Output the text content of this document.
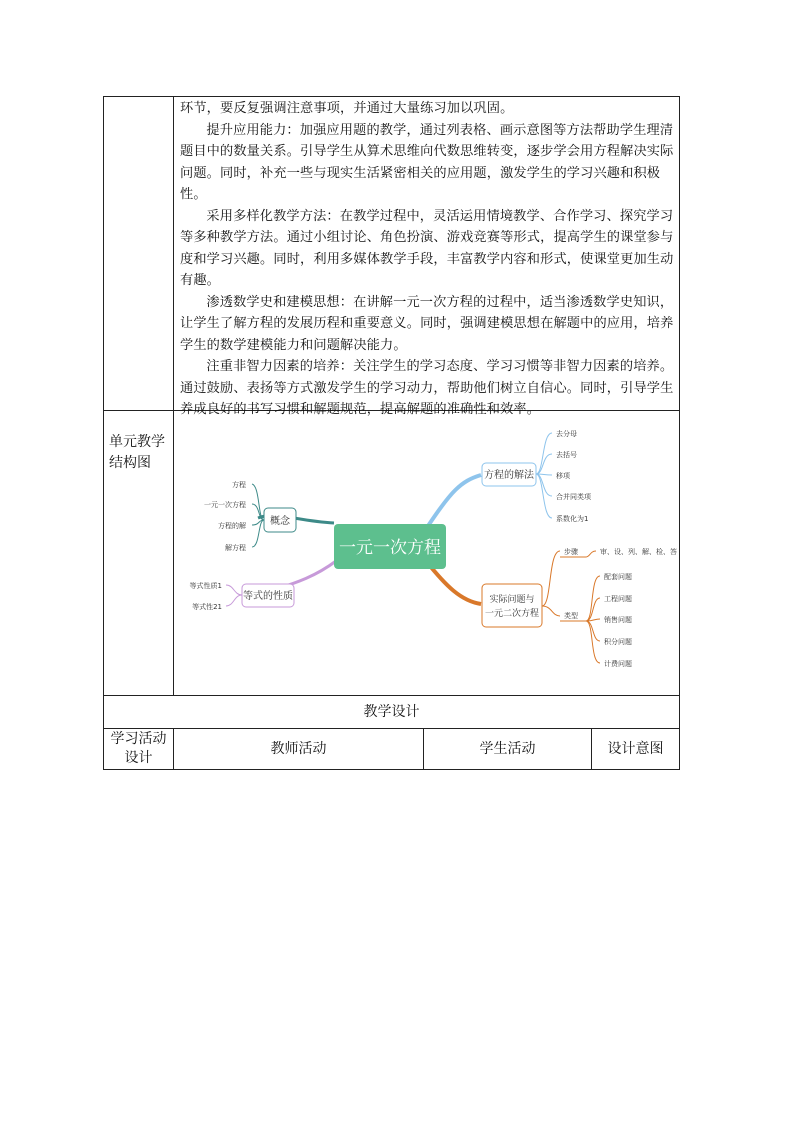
环节，要反复强调注意事项，并通过大量练习加以巩固。

提升应用能力：加强应用题的教学，通过列表格、画示意图等方法帮助学生理清题目中的数量关系。引导学生从算术思维向代数思维转变，逐步学会用方程解决实际问题。同时，补充一些与现实生活紧密相关的应用题，激发学生的学习兴趣和积极性。

采用多样化教学方法：在教学过程中，灵活运用情境教学、合作学习、探究学习等多种教学方法。通过小组讨论、角色扮演、游戏竞赛等形式，提高学生的课堂参与度和学习兴趣。同时，利用多媒体教学手段，丰富教学内容和形式，使课堂更加生动有趣。

渗透数学史和建模思想：在讲解一元一次方程的过程中，适当渗透数学史知识，让学生了解方程的发展历程和重要意义。同时，强调建模思想在解题中的应用，培养学生的数学建模能力和问题解决能力。

注重非智力因素的培养：关注学生的学习态度、学习习惯等非智力因素的培养。通过鼓励、表扬等方式激发学生的学习动力，帮助他们树立自信心。同时，引导学生养成良好的书写习惯和解题规范，提高解题的准确性和效率。

单元教学
结构图
一元一次方程
概念
方程
一元一次方程
方程的解
解方程
等式的性质
等式性质1
等式性21
方程的解法
去分母
去括号
移项
合并同类项
系数化为1
实际问题与
一元二次方程
步骤	审、设、列、解、检、答
类型
配套问题
工程问题
销售问题
积分问题
计费问题
教学设计
学习活动
设计
教师活动	学生活动	设计意图
